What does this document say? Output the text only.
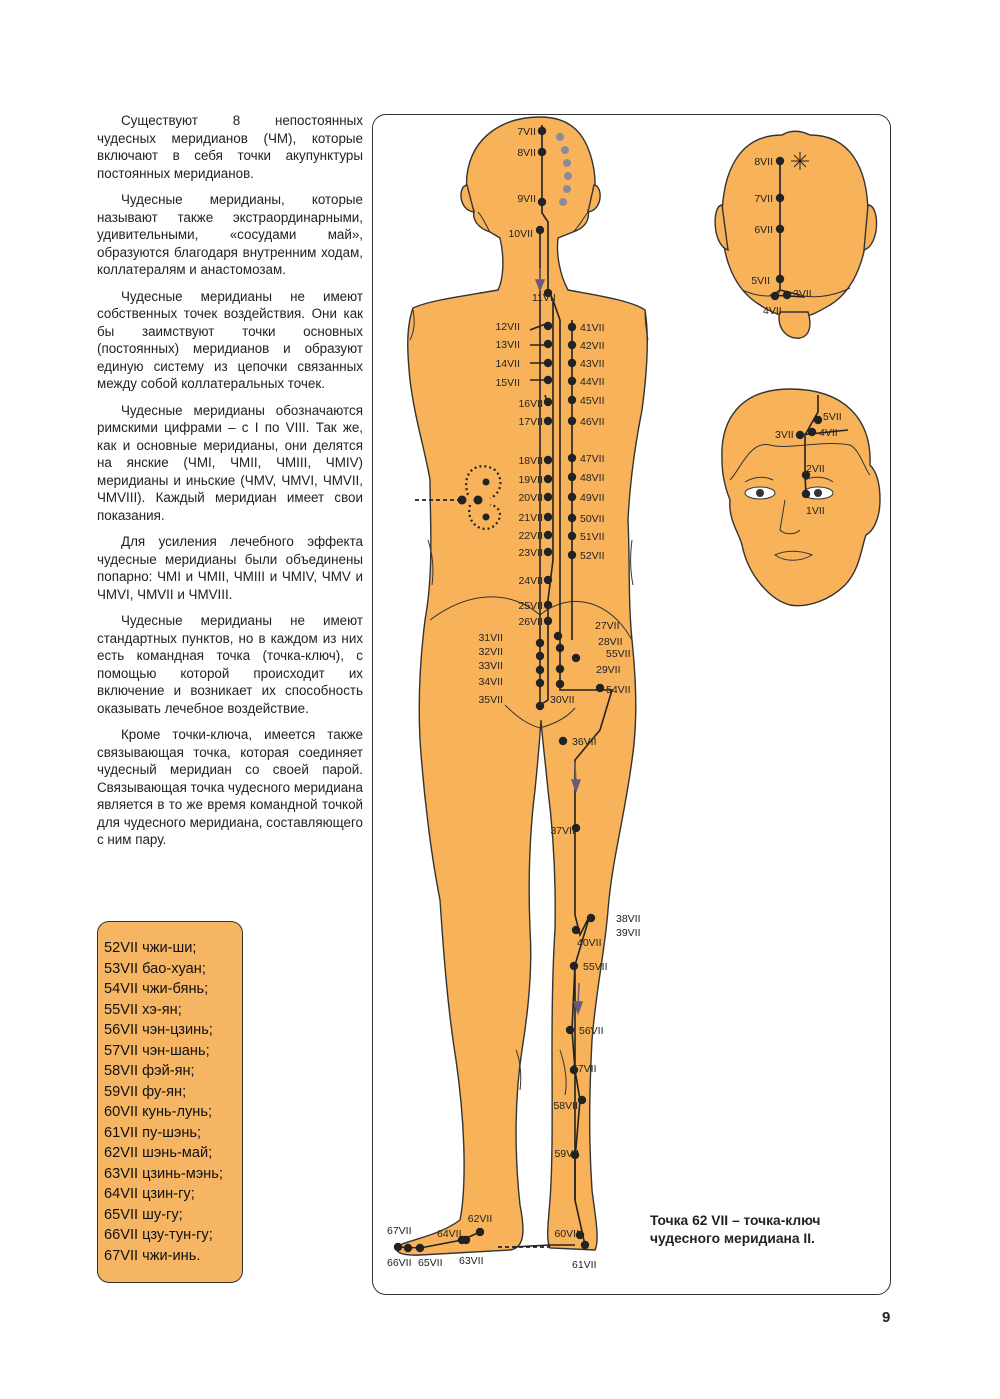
Существуют 8 непостоянных чудесных меридианов (ЧМ), которые включают в себя точки акупунктуры постоянных меридианов.

Чудесные меридианы, которые называют также экстраординарными, удивительными, «сосудами май», образуются благодаря внутренним ходам, коллатералям и анастомозам.

Чудесные меридианы не имеют собственных точек воздействия. Они как бы заимствуют точки основных (постоянных) меридианов и образуют единую систему из цепочки связанных между собой коллатеральных точек.

Чудесные меридианы обозначаются римскими цифрами – с I по VIII. Так же, как и основные меридианы, они делятся на янские (ЧМI, ЧМII, ЧМIII, ЧМIV) меридианы и иньские (ЧМV, ЧМVI, ЧМVII, ЧМVIII). Каждый меридиан имеет свои показания.

Для усиления лечебного эффекта чудесные меридианы были объединены попарно: ЧМI и ЧМII, ЧМIII и ЧМIV, ЧМV и ЧМVI, ЧМVII и ЧМVIII.

Чудесные меридианы не имеют стандартных пунктов, но в каждом из них есть командная точка (точка-ключ), с помощью которой происходит их включение и возникает их способность оказывать лечебное воздействие.

Кроме точки-ключа, имеется также связывающая точка, которая соединяет чудесный меридиан со своей парой. Связывающая точка чудесного меридиана является в то же время командной точкой для чудесного меридиана, составляющего с ним пару.

52VII чжи-ши;
53VII бао-хуан;
54VII чжи-бянь;
55VII хэ-ян;
56VII чэн-цзинь;
57VII чэн-шань;
58VII фэй-ян;
59VII фу-ян;
60VII кунь-лунь;
61VII пу-шэнь;
62VII шэнь-май;
63VII цзинь-мэнь;
64VII цзин-гу;
65VII шу-гу;
66VII цзу-тун-гу;
67VII чжи-инь.
7VII
8VII
9VII
10VII
11VII
12VII
13VII
14VII
15VII
16VII
17VII
18VII
19VII
20VII
21VII
22VII
23VII
24VII
25VII
26VII	27VII
28VII
29VII
30VII
31VII
32VII
33VII
34VII
35VII
36VII
37VII
38VII
39VII
40VII
41VII
42VII
43VII
44VII
45VII
46VII
47VII
48VII
49VII
50VII
51VII
52VII
54VII
55VII
55VII
56VII
57VII
58VII
59VII
60VII
61VII
62VII
63VII
64VII
65VII
66VII
67VII
8VII
7VII
6VII
5VII
3VII
4VII
5VII
4VII
3VII
2VII
1VII
Точка 62 VII – точка-ключ чудесного меридиана II.
9
